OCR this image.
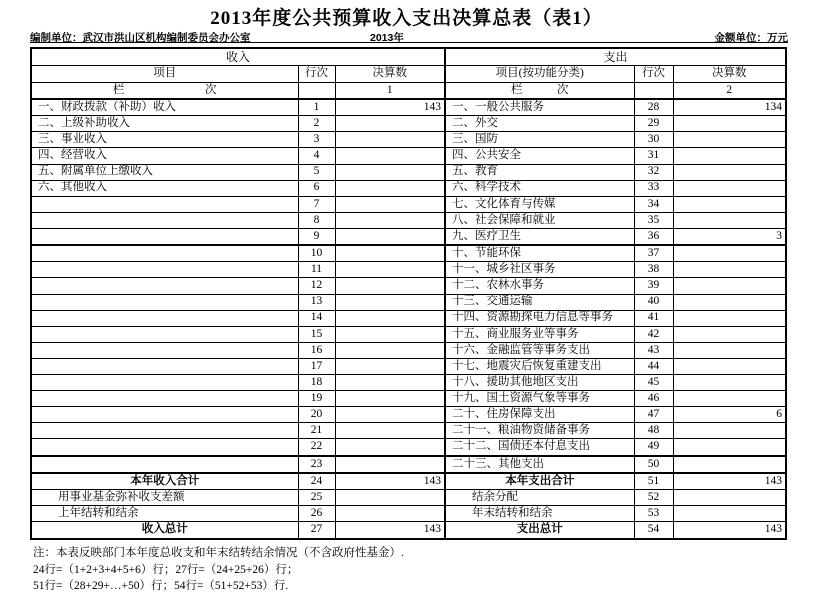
2013年度公共预算收入支出决算总表（表1）
编制单位：武汉市洪山区机构编制委员会办公室	2013年	金额单位：万元
收入			支出		
项目	行次	决算数	项目(按功能分类)	行次	决算数
栏　　　　　　　次		1	栏　　　次		2
一、财政拨款（补助）收入	1	143	一、一般公共服务	28	134
二、上级补助收入	2		二、外交	29	
三、事业收入	3		三、国防	30	
四、经营收入	4		四、公共安全	31	
五、附属单位上缴收入	5		五、教育	32	
六、其他收入	6		六、科学技术	33	
	7		七、文化体育与传媒	34	
	8		八、社会保障和就业	35	
	9		九、医疗卫生	36	3
	10		十、节能环保	37	
	11		十一、城乡社区事务	38	
	12		十二、农林水事务	39	
	13		十三、交通运输	40	
	14		十四、资源勘探电力信息等事务	41	
	15		十五、商业服务业等事务	42	
	16		十六、金融监管等事务支出	43	
	17		十七、地震灾后恢复重建支出	44	
	18		十八、援助其他地区支出	45	
	19		十九、国土资源气象等事务	46	
	20		二十、住房保障支出	47	6
	21		二十一、粮油物资储备事务	48	
	22		二十二、国债还本付息支出	49	
	23		二十三、其他支出	50	
本年收入合计	24	143	本年支出合计	51	143
用事业基金弥补收支差额	25		结余分配	52	
上年结转和结余	26		年末结转和结余	53	
收入总计	27	143	支出总计	54	143
注：本表反映部门本年度总收支和年末结转结余情况（不含政府性基金）.
24行=（1+2+3+4+5+6）行；27行=（24+25+26）行；
51行=（28+29+…+50）行；54行=（51+52+53）行.
